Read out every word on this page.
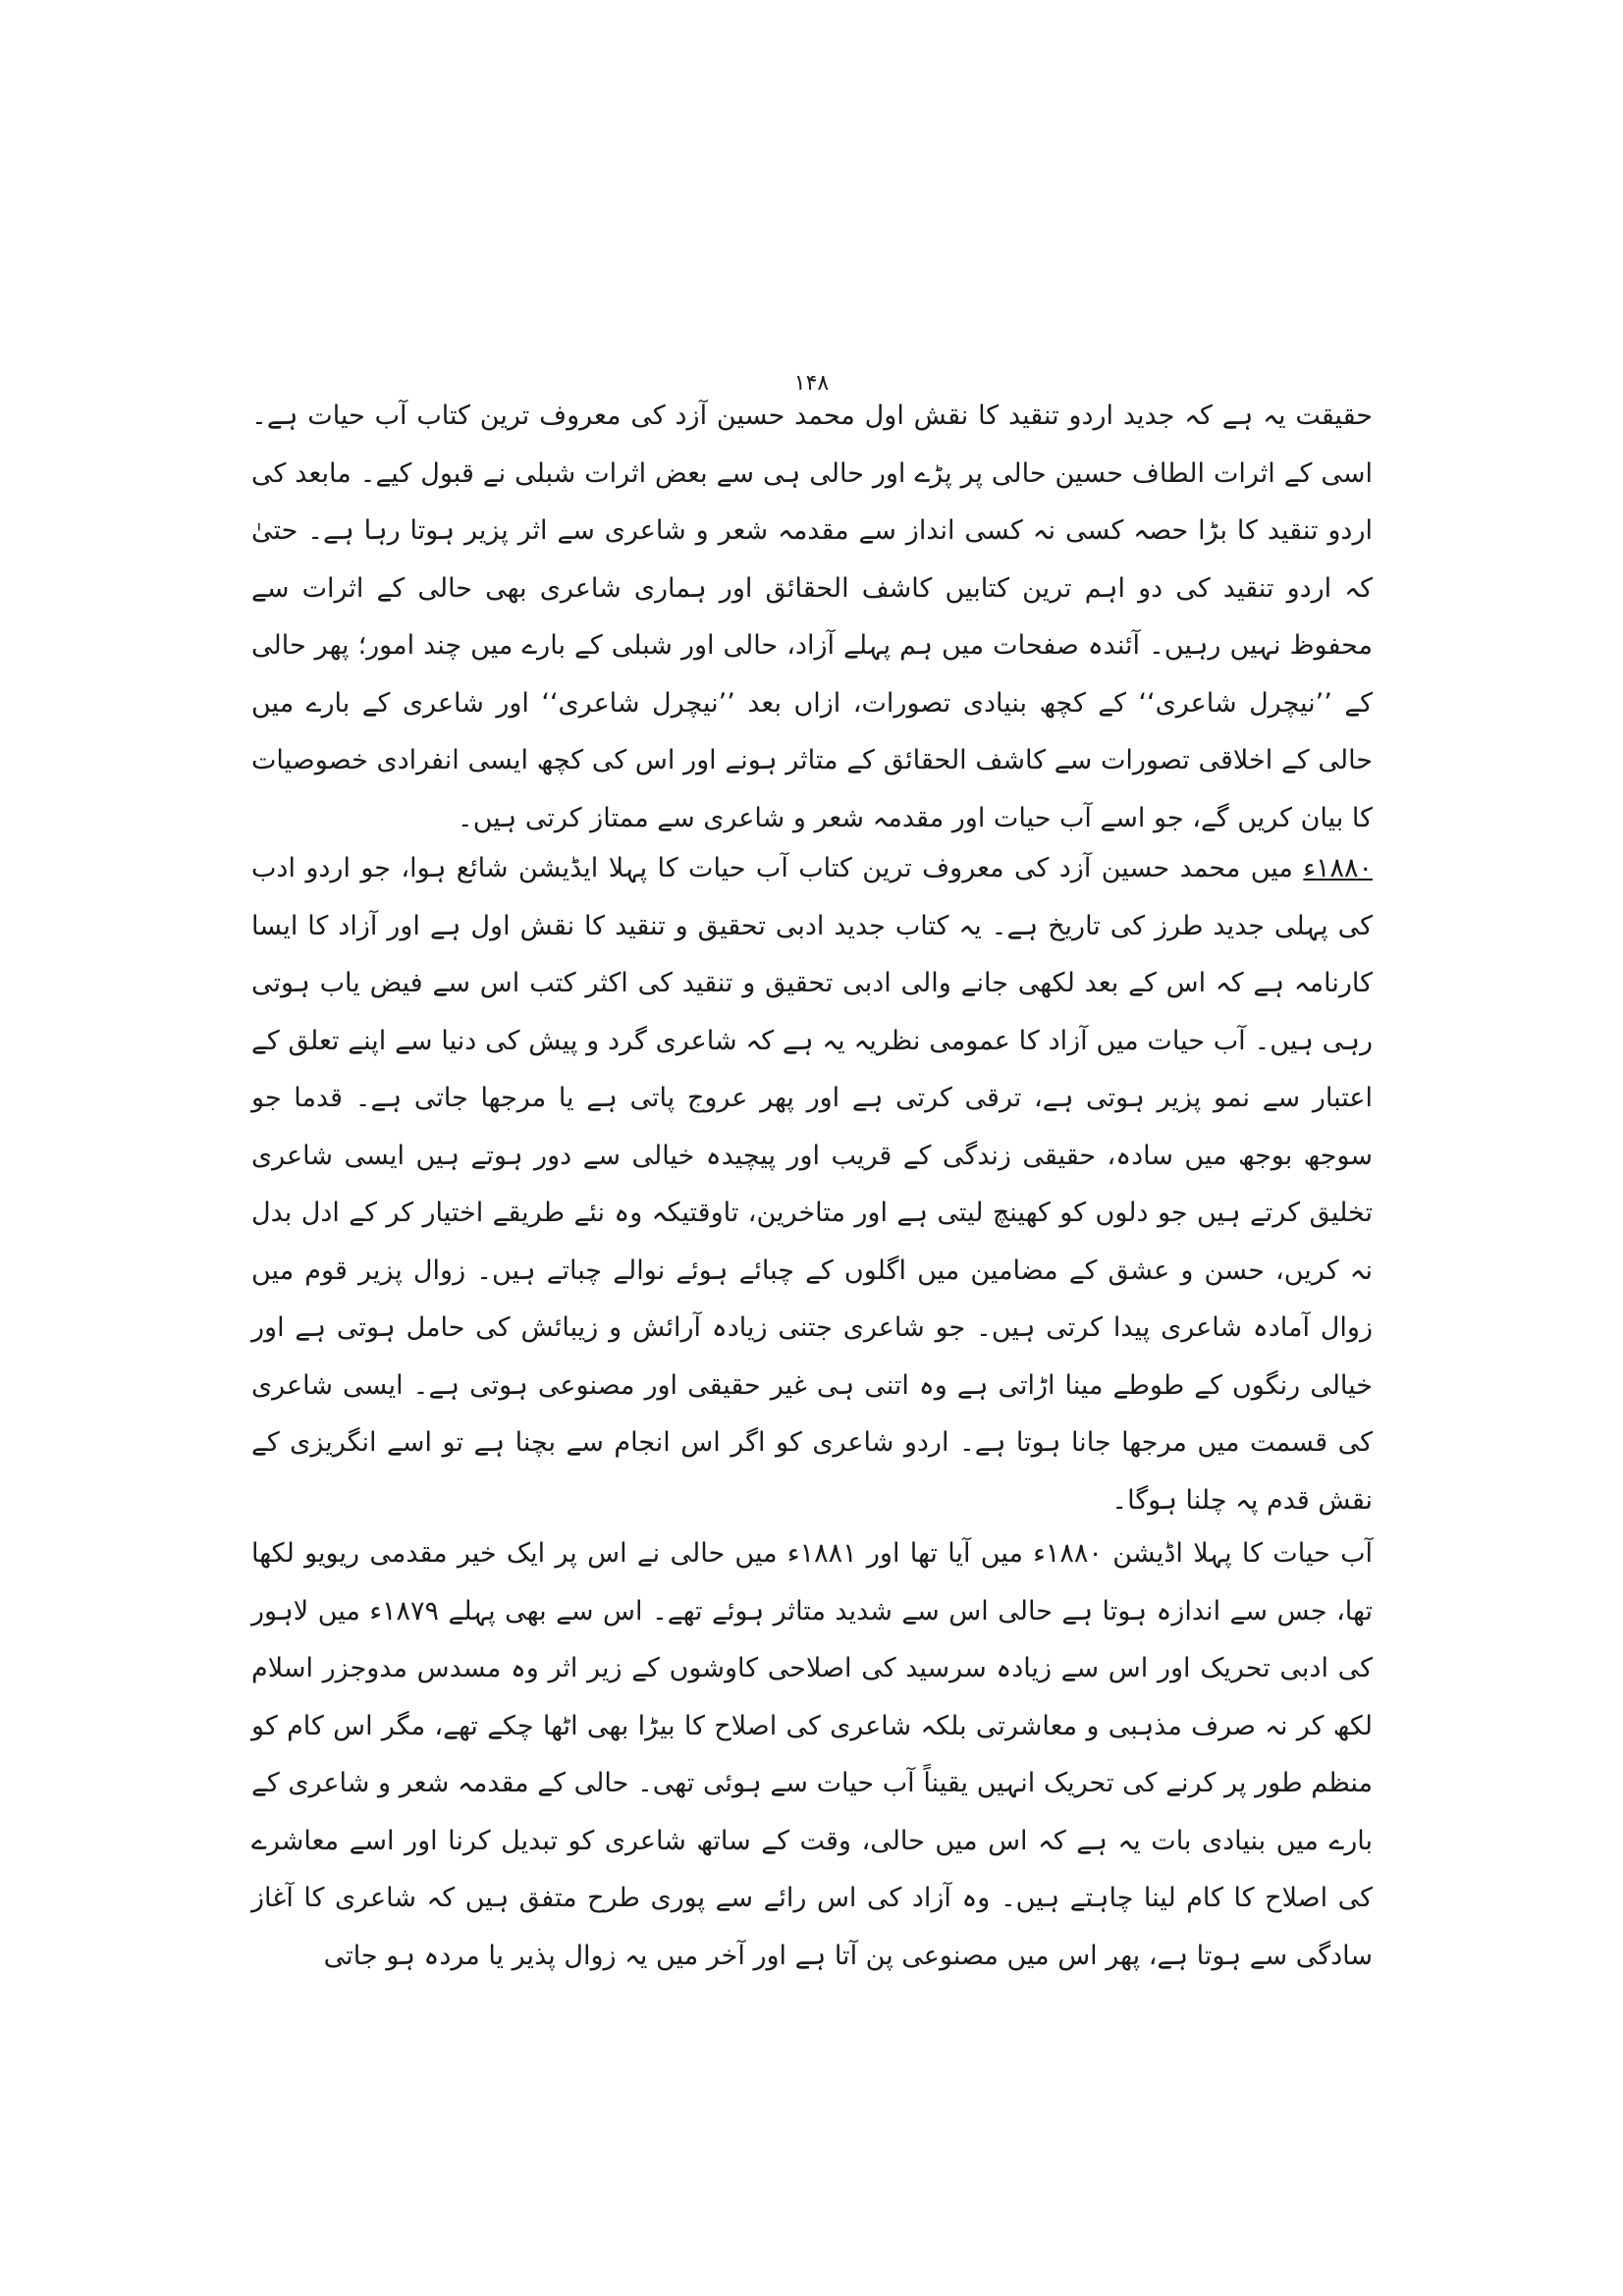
۱۴۸

حقیقت یہ ہے کہ جدید اردو تنقید کا نقش اول محمد حسین آزد کی معروف ترین کتاب آب حیات ہے۔ اسی کے اثرات الطاف حسین حالی پر پڑے اور حالی ہی سے بعض اثرات شبلی نے قبول کیے۔ مابعد کی اردو تنقید کا بڑا حصہ کسی نہ کسی انداز سے مقدمہ شعر و شاعری سے اثر پزیر ہوتا رہا ہے۔ حتیٰ کہ اردو تنقید کی دو اہم ترین کتابیں کاشف الحقائق اور ہماری شاعری بھی حالی کے اثرات سے محفوظ نہیں رہیں۔ آئندہ صفحات میں ہم پہلے آزاد، حالی اور شبلی کے بارے میں چند امور؛ پھر حالی کے ’’نیچرل شاعری‘‘ کے کچھ بنیادی تصورات، ازاں بعد ’’نیچرل شاعری‘‘ اور شاعری کے بارے میں حالی کے اخلاقی تصورات سے کاشف الحقائق کے متاثر ہونے اور اس کی کچھ ایسی انفرادی خصوصیات کا بیان کریں گے، جو اسے آب حیات اور مقدمہ شعر و شاعری سے ممتاز کرتی ہیں۔

۱۸۸۰ء میں محمد حسین آزد کی معروف ترین کتاب آب حیات کا پہلا ایڈیشن شائع ہوا، جو اردو ادب کی پہلی جدید طرز کی تاریخ ہے۔ یہ کتاب جدید ادبی تحقیق و تنقید کا نقش اول ہے اور آزاد کا ایسا کارنامہ ہے کہ اس کے بعد لکھی جانے والی ادبی تحقیق و تنقید کی اکثر کتب اس سے فیض یاب ہوتی رہی ہیں۔ آب حیات میں آزاد کا عمومی نظریہ یہ ہے کہ شاعری گرد و پیش کی دنیا سے اپنے تعلق کے اعتبار سے نمو پزیر ہوتی ہے، ترقی کرتی ہے اور پھر عروج پاتی ہے یا مرجھا جاتی ہے۔ قدما جو سوجھ بوجھ میں سادہ، حقیقی زندگی کے قریب اور پیچیدہ خیالی سے دور ہوتے ہیں ایسی شاعری تخلیق کرتے ہیں جو دلوں کو کھینچ لیتی ہے اور متاخرین، تاوقتیکہ وہ نئے طریقے اختیار کر کے ادل بدل نہ کریں، حسن و عشق کے مضامین میں اگلوں کے چبائے ہوئے نوالے چباتے ہیں۔ زوال پزیر قوم میں زوال آمادہ شاعری پیدا کرتی ہیں۔ جو شاعری جتنی زیادہ آرائش و زیبائش کی حامل ہوتی ہے اور خیالی رنگوں کے طوطے مینا اڑاتی ہے وہ اتنی ہی غیر حقیقی اور مصنوعی ہوتی ہے۔ ایسی شاعری کی قسمت میں مرجھا جانا ہوتا ہے۔ اردو شاعری کو اگر اس انجام سے بچنا ہے تو اسے انگریزی کے نقش قدم پہ چلنا ہوگا۔

آب حیات کا پہلا اڈیشن ۱۸۸۰ء میں آیا تھا اور ۱۸۸۱ء میں حالی نے اس پر ایک خیر مقدمی ریویو لکھا تھا، جس سے اندازہ ہوتا ہے حالی اس سے شدید متاثر ہوئے تھے۔ اس سے بھی پہلے ۱۸۷۹ء میں لاہور کی ادبی تحریک اور اس سے زیادہ سرسید کی اصلاحی کاوشوں کے زیر اثر وہ مسدس مدوجزر اسلام لکھ کر نہ صرف مذہبی و معاشرتی بلکہ شاعری کی اصلاح کا بیڑا بھی اٹھا چکے تھے، مگر اس کام کو منظم طور پر کرنے کی تحریک انہیں یقیناً آب حیات سے ہوئی تھی۔ حالی کے مقدمہ شعر و شاعری کے بارے میں بنیادی بات یہ ہے کہ اس میں حالی، وقت کے ساتھ شاعری کو تبدیل کرنا اور اسے معاشرے کی اصلاح کا کام لینا چاہتے ہیں۔ وہ آزاد کی اس رائے سے پوری طرح متفق ہیں کہ شاعری کا آغاز سادگی سے ہوتا ہے، پھر اس میں مصنوعی پن آتا ہے اور آخر میں یہ زوال پذیر یا مردہ ہو جاتی
